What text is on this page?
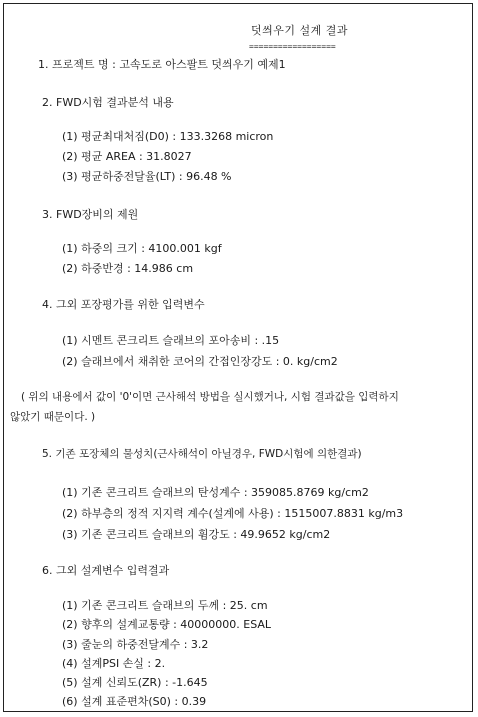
덧씌우기 설계 결과
==================
1. 프로젝트 명 : 고속도로 아스팔트 덧씌우기 예제1
2. FWD시험 결과분석 내용
(1) 평균최대처짐(D0) : 133.3268 micron
(2) 평균 AREA : 31.8027
(3) 평균하중전달율(LT) : 96.48 %
3. FWD장비의 제원
(1) 하중의 크기 : 4100.001 kgf
(2) 하중반경 : 14.986 cm
4. 그외 포장평가를 위한 입력변수
(1) 시멘트 콘크리트 슬래브의 포아송비 : .15
(2) 슬래브에서 채취한 코어의 간접인장강도 : 0. kg/cm2
( 위의 내용에서 값이 '0'이면 근사해석 방법을 실시했거나, 시험 결과값을 입력하지
않았기 때문이다. )
5. 기존 포장체의 물성치(근사해석이 아닐경우, FWD시험에 의한결과)
(1) 기존 콘크리트 슬래브의 탄성계수 : 359085.8769 kg/cm2
(2) 하부층의 정적 지지력 계수(설계에 사용) : 1515007.8831 kg/m3
(3) 기존 콘크리트 슬래브의 휨강도 : 49.9652 kg/cm2
6. 그외 설계변수 입력결과
(1) 기존 콘크리트 슬래브의 두께 : 25. cm
(2) 향후의 설계교통량 : 40000000. ESAL
(3) 줄눈의 하중전달계수 : 3.2
(4) 설계PSI 손실 : 2.
(5) 설계 신뢰도(ZR) : -1.645
(6) 설계 표준편차(S0) : 0.39
